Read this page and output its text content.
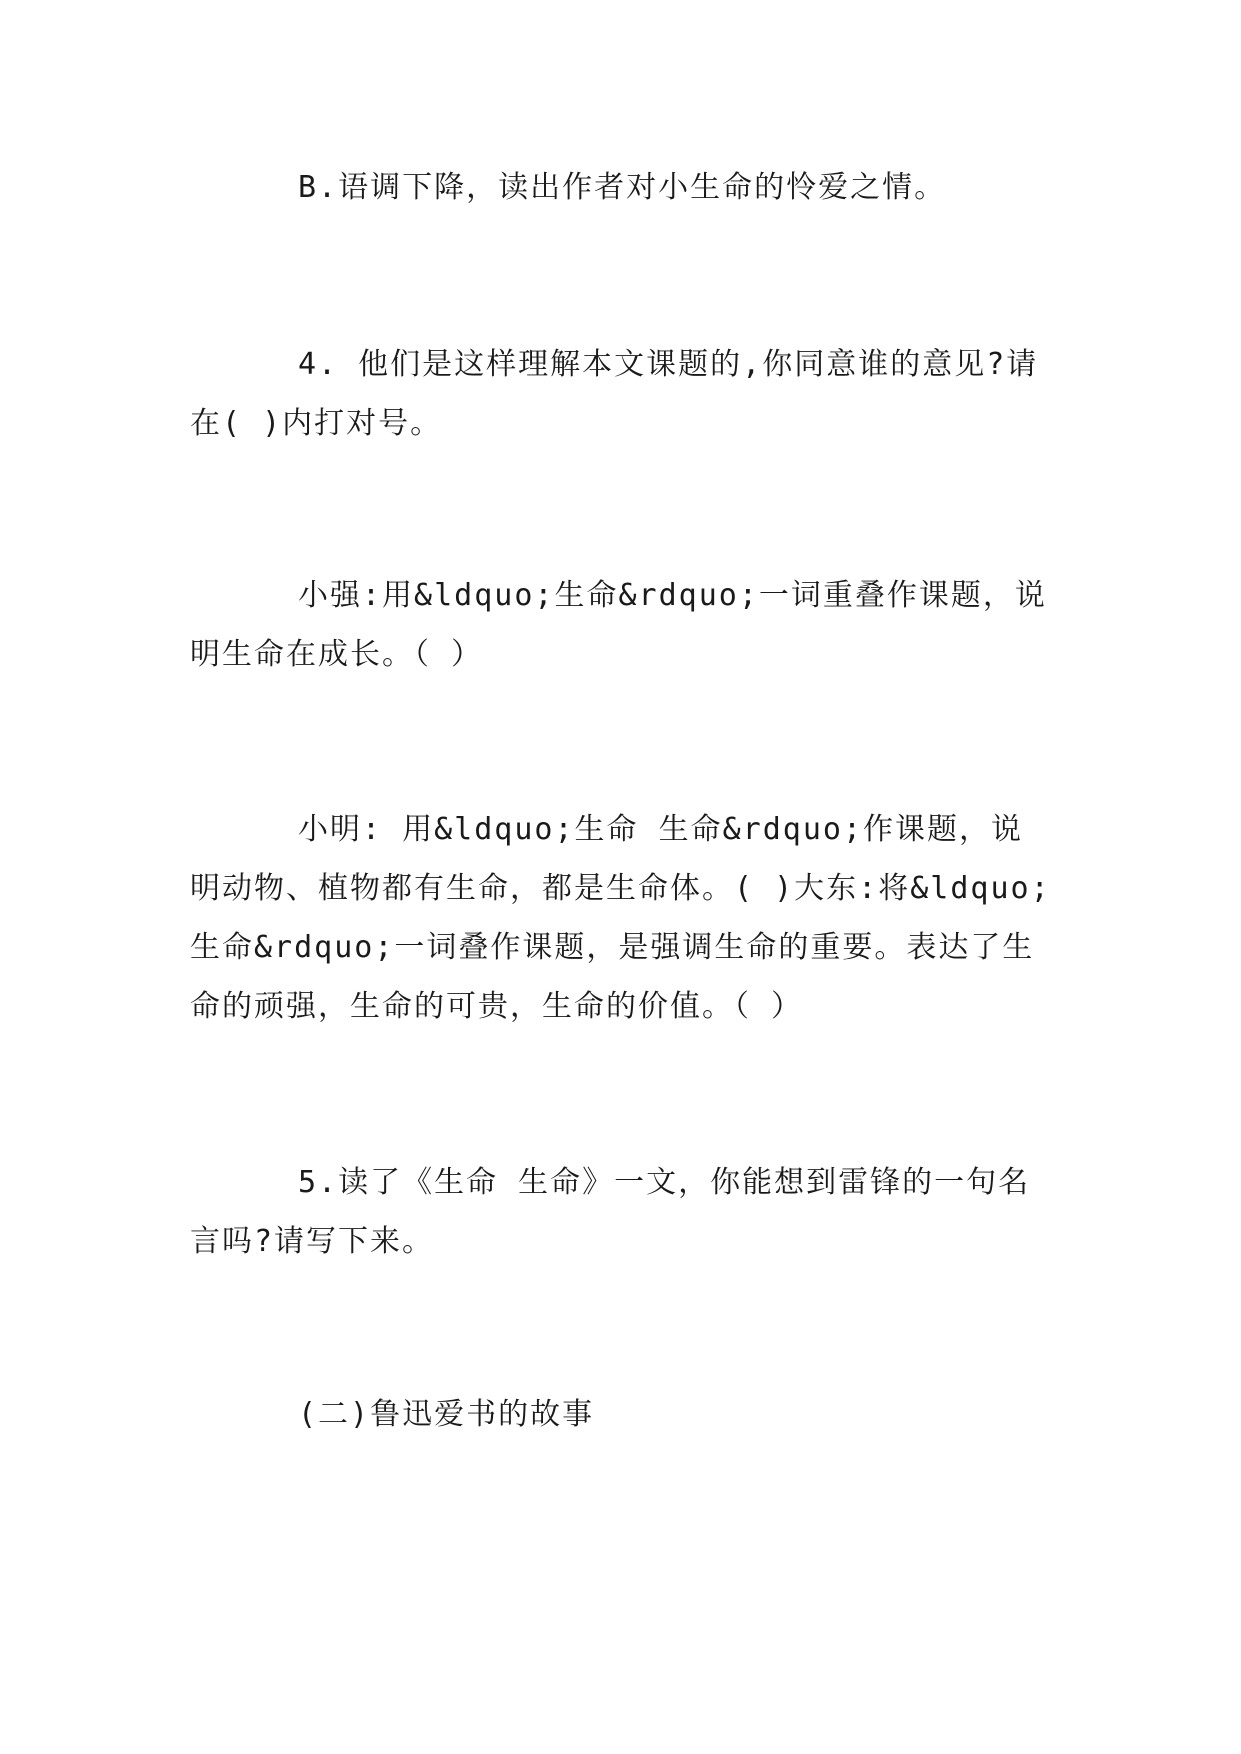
B.语调下降，读出作者对小生命的怜爱之情。

4. 他们是这样理解本文课题的,你同意谁的意见?请在( )内打对号。

小强:用&ldquo;生命&rdquo;一词重叠作课题，说明生命在成长。（ ）

小明: 用&ldquo;生命 生命&rdquo;作课题，说明动物、植物都有生命，都是生命体。( )大东:将&ldquo;生命&rdquo;一词叠作课题，是强调生命的重要。表达了生命的顽强，生命的可贵，生命的价值。（ ）

5.读了《生命 生命》一文，你能想到雷锋的一句名言吗?请写下来。

(二)鲁迅爱书的故事
